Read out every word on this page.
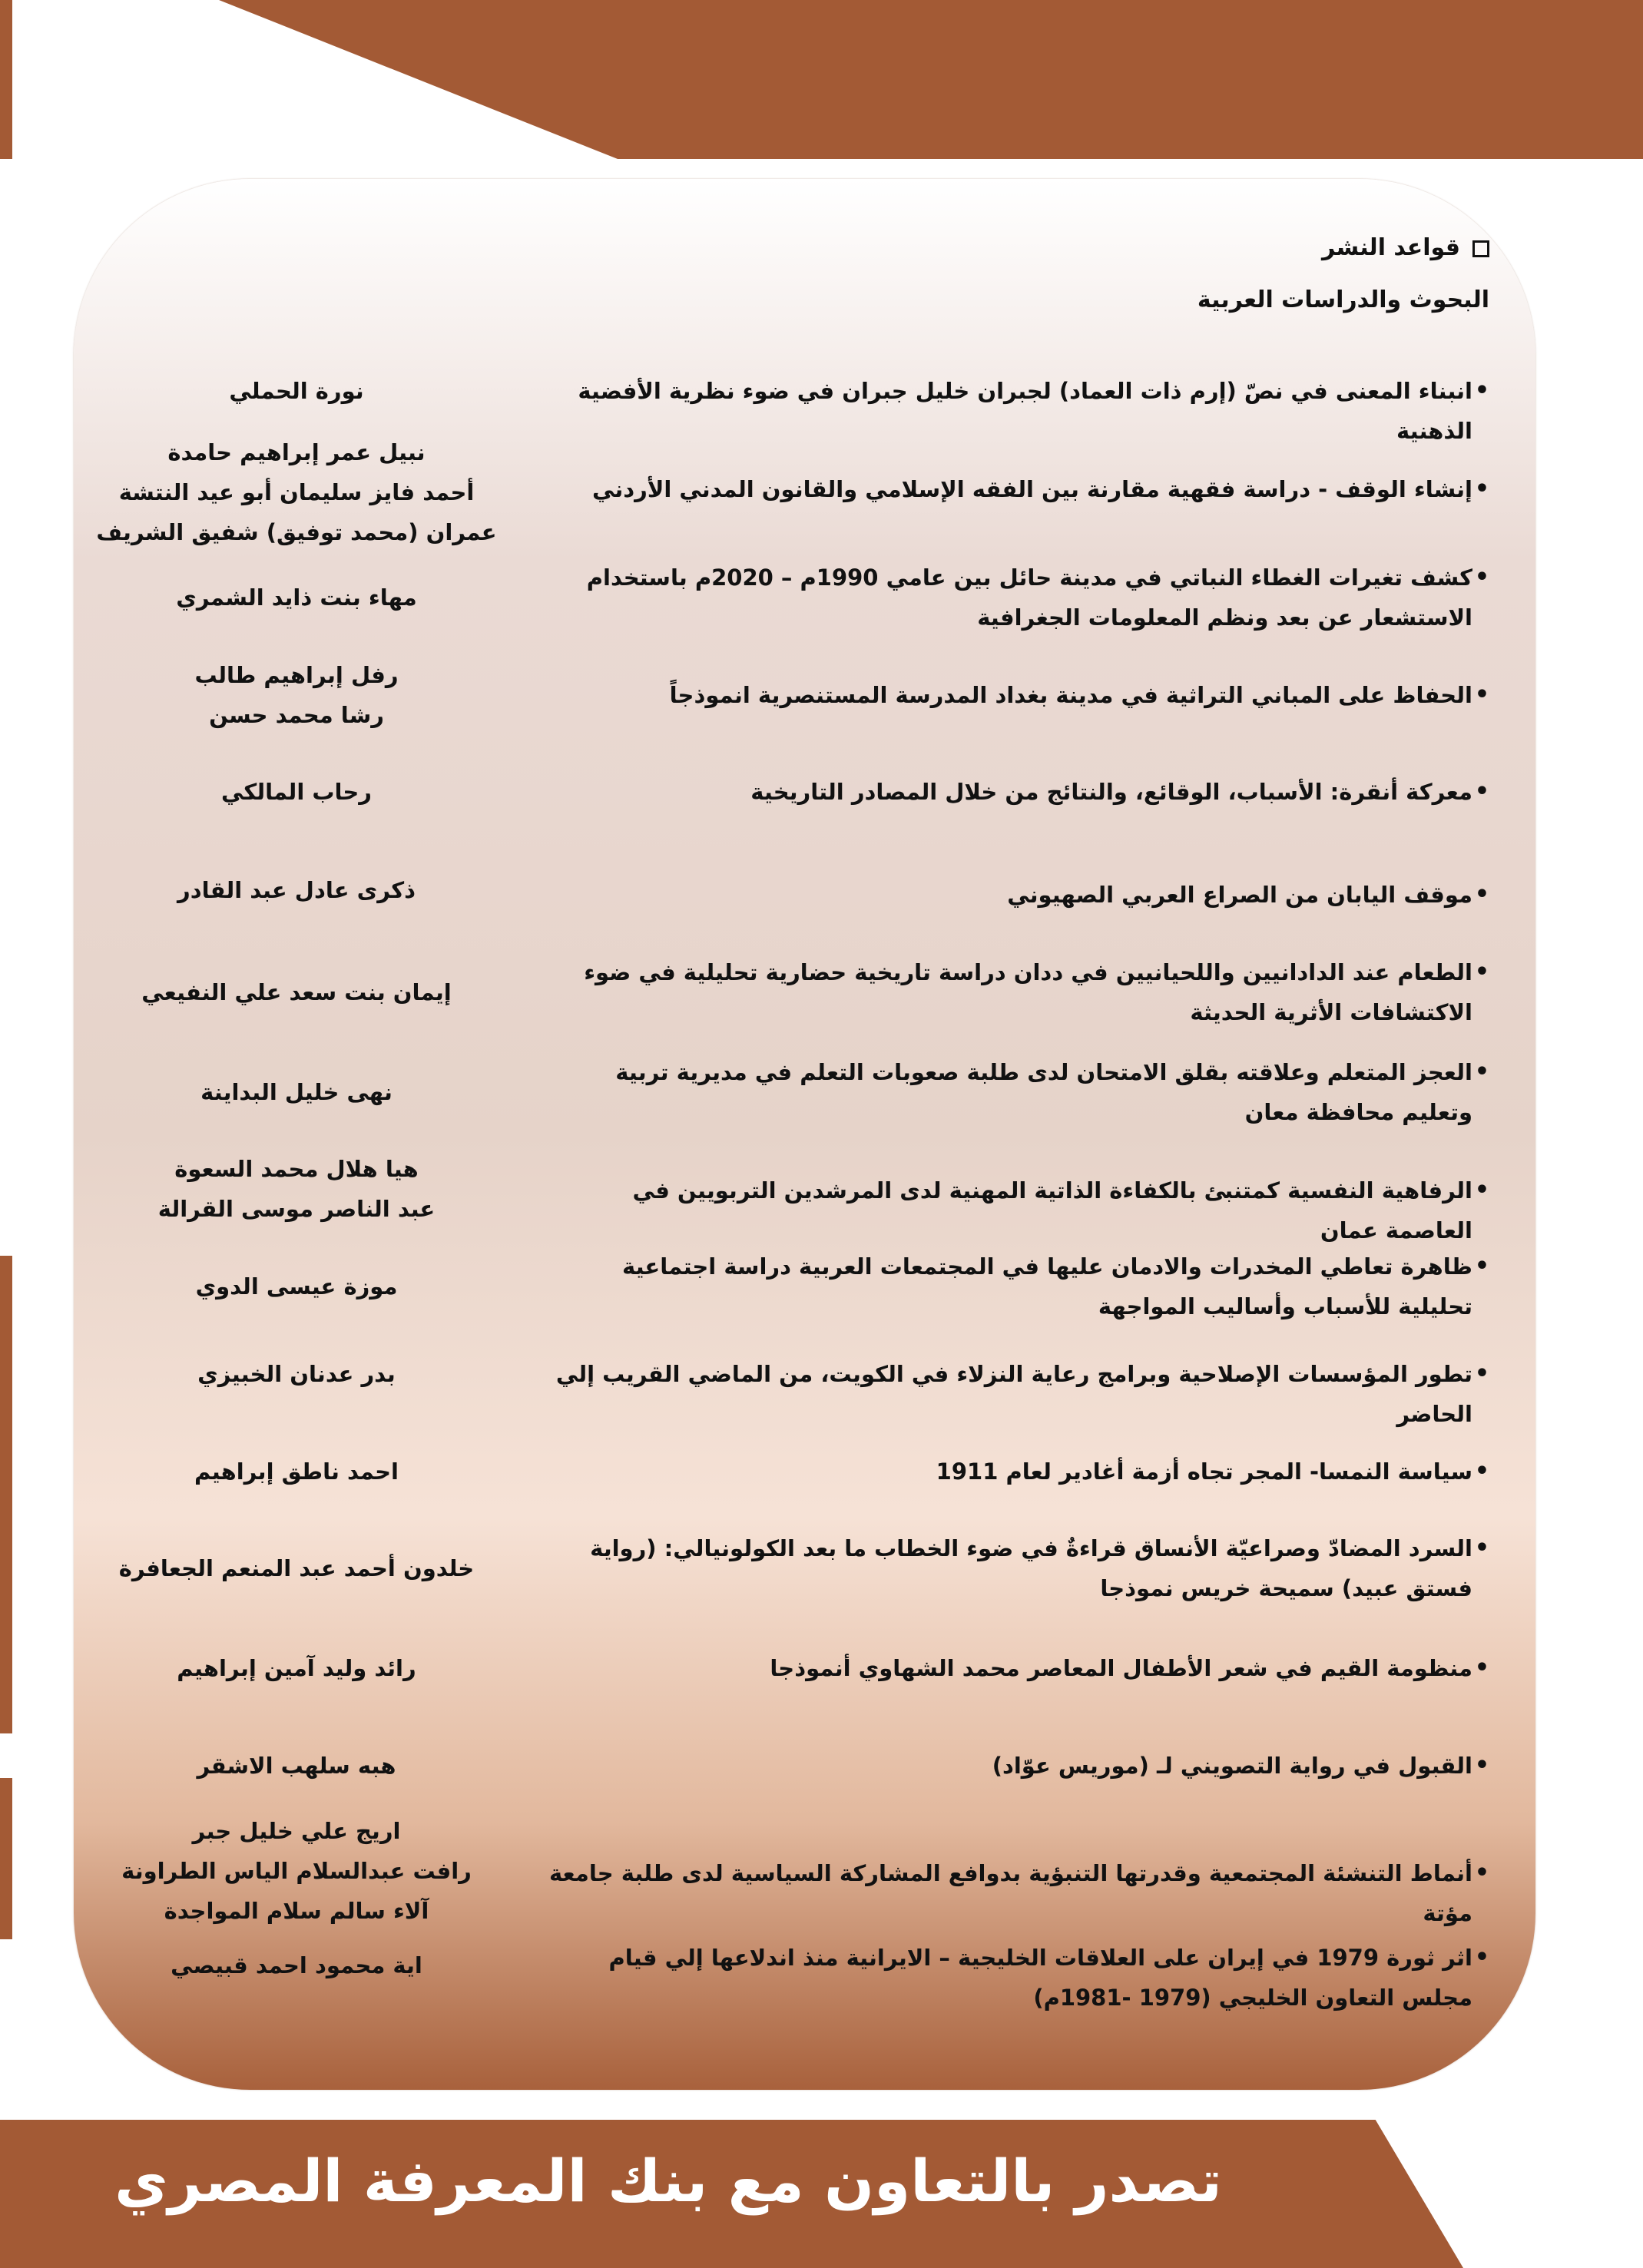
قواعد النشر
البحوث والدراسات العربية
• انبناء المعنى في نصّ (إرم ذات العماد) لجبران خليل جبران في ضوء نظرية الأفضية الذهنية
نورة الحملي
• إنشاء الوقف - دراسة فقهية مقارنة بين الفقه الإسلامي والقانون المدني الأردني
نبيل عمر إبراهيم حامدة
أحمد فايز سليمان أبو عيد النتشة
عمران (محمد توفيق) شفيق الشريف
• كشف تغيرات الغطاء النباتي في مدينة حائل بين عامي 1990م – 2020م باستخدام الاستشعار عن بعد ونظم المعلومات الجغرافية
مهاء بنت ذايد الشمري
• الحفاظ على المباني التراثية في مدينة بغداد المدرسة المستنصرية انموذجاً
رفل إبراهيم طالب
رشا محمد حسن
• معركة أنقرة: الأسباب، الوقائع، والنتائج من خلال المصادر التاريخية
رحاب المالكي
• موقف اليابان من الصراع العربي الصهيوني
ذكرى عادل عبد القادر
• الطعام عند الدادانيين واللحيانيين في ددان دراسة تاريخية حضارية تحليلية في ضوء الاكتشافات الأثرية الحديثة
إيمان بنت سعد علي النفيعي
• العجز المتعلم وعلاقته بقلق الامتحان لدى طلبة صعوبات التعلم في مديرية تربية وتعليم محافظة معان
نهى خليل البداينة
• الرفاهية النفسية كمتنبئ بالكفاءة الذاتية المهنية لدى المرشدين التربويين في العاصمة عمان
هيا هلال محمد السعوة
عبد الناصر موسى القرالة
• ظاهرة تعاطي المخدرات والادمان عليها في المجتمعات العربية دراسة اجتماعية تحليلية للأسباب وأساليب المواجهة
موزة عيسى الدوي
• تطور المؤسسات الإصلاحية وبرامج رعاية النزلاء في الكويت، من الماضي القريب إلي الحاضر
بدر عدنان الخبيزي
• سياسة النمسا- المجر تجاه أزمة أغادير لعام 1911
احمد ناطق إبراهيم
• السرد المضادّ وصراعيّة الأنساق قراءةٌ في ضوء الخطاب ما بعد الكولونيالي: (رواية فستق عبيد) سميحة خريس نموذجا
خلدون أحمد عبد المنعم الجعافرة
• منظومة القيم في شعر الأطفال المعاصر محمد الشهاوي أنموذجا
رائد وليد آمين إبراهيم
• القبول في رواية التصويني لـ (موريس عوّاد)
هبه سلهب الاشقر
• أنماط التنشئة المجتمعية وقدرتها التنبؤية بدوافع المشاركة السياسية لدى طلبة جامعة مؤتة
اريج علي خليل جبر
رافت عبدالسلام الياس الطراونة
آلاء سالم سلام المواجدة
• اثر ثورة 1979 في إيران على العلاقات الخليجية – الايرانية منذ اندلاعها إلي قيام مجلس التعاون الخليجي (1979 -1981م)
اية محمود احمد قبيصي
تصدر بالتعاون مع بنك المعرفة المصري
